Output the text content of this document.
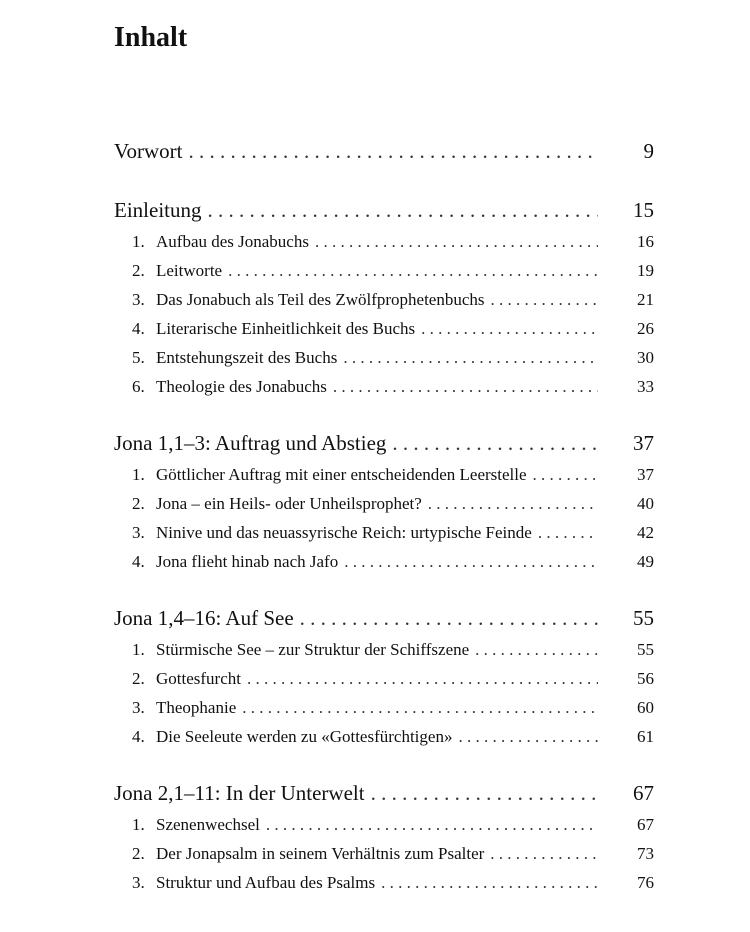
Inhalt
Vorwort . . .	9
Einleitung . . .	15
1. Aufbau des Jonabuchs . . .	16
2. Leitworte . . .	19
3. Das Jonabuch als Teil des Zwölfprophetenbuchs . . .	21
4. Literarische Einheitlichkeit des Buchs . . .	26
5. Entstehungszeit des Buchs . . .	30
6. Theologie des Jonabuchs . . .	33
Jona 1,1–3: Auftrag und Abstieg . . .	37
1. Göttlicher Auftrag mit einer entscheidenden Leerstelle . . .	37
2. Jona – ein Heils- oder Unheilsprophet? . . .	40
3. Ninive und das neuassyrische Reich: urtypische Feinde . . .	42
4. Jona flieht hinab nach Jafo . . .	49
Jona 1,4–16: Auf See . . .	55
1. Stürmische See – zur Struktur der Schiffszene . . .	55
2. Gottesfurcht . . .	56
3. Theophanie . . .	60
4. Die Seeleute werden zu «Gottesfürchtigen» . . .	61
Jona 2,1–11: In der Unterwelt . . .	67
1. Szenenwechsel . . .	67
2. Der Jonapsalm in seinem Verhältnis zum Psalter . . .	73
3. Struktur und Aufbau des Psalms . . .	76
